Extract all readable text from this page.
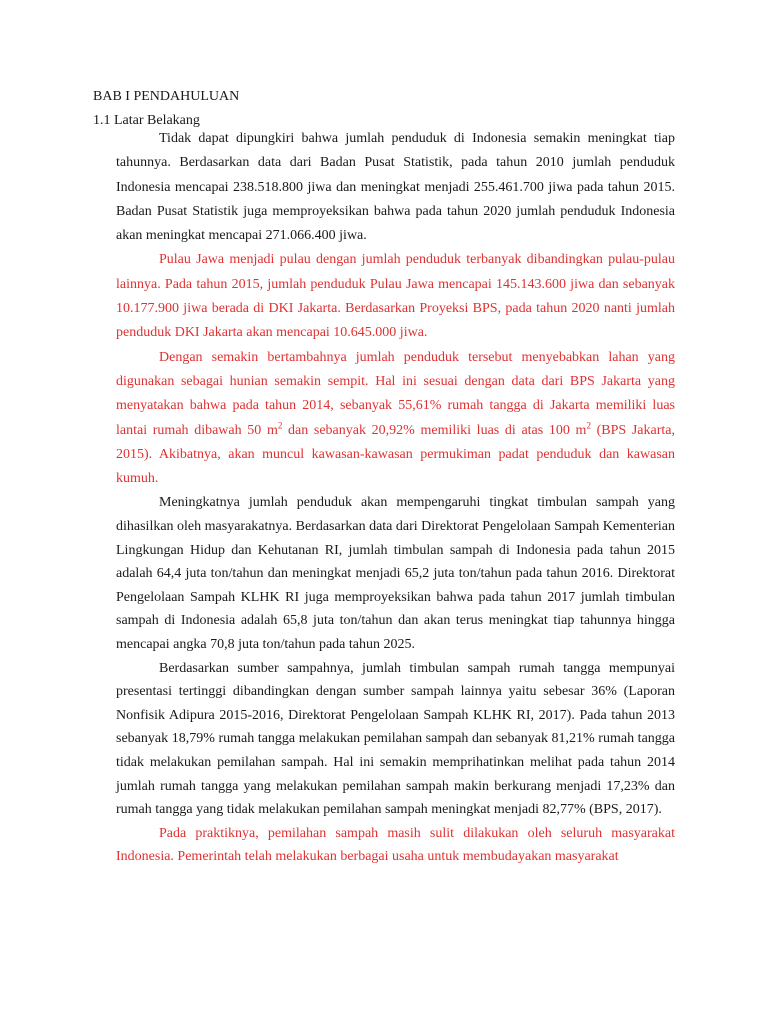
BAB I PENDAHULUAN
1.1 Latar Belakang

Tidak dapat dipungkiri bahwa jumlah penduduk di Indonesia semakin meningkat tiap tahunnya. Berdasarkan data dari Badan Pusat Statistik, pada tahun 2010 jumlah penduduk Indonesia mencapai 238.518.800 jiwa dan meningkat menjadi 255.461.700 jiwa pada tahun 2015. Badan Pusat Statistik juga memproyeksikan bahwa pada tahun 2020 jumlah penduduk Indonesia akan meningkat mencapai 271.066.400 jiwa.

Pulau Jawa menjadi pulau dengan jumlah penduduk terbanyak dibandingkan pulau-pulau lainnya. Pada tahun 2015, jumlah penduduk Pulau Jawa mencapai 145.143.600 jiwa dan sebanyak 10.177.900 jiwa berada di DKI Jakarta. Berdasarkan Proyeksi BPS, pada tahun 2020 nanti jumlah penduduk DKI Jakarta akan mencapai 10.645.000 jiwa.

Dengan semakin bertambahnya jumlah penduduk tersebut menyebabkan lahan yang digunakan sebagai hunian semakin sempit. Hal ini sesuai dengan data dari BPS Jakarta yang menyatakan bahwa pada tahun 2014, sebanyak 55,61% rumah tangga di Jakarta memiliki luas lantai rumah dibawah 50 $m^2$ dan sebanyak 20,92% memiliki luas di atas 100 $m^2$ (BPS Jakarta, 2015). Akibatnya, akan muncul kawasan-kawasan permukiman padat penduduk dan kawasan kumuh.

Meningkatnya jumlah penduduk akan mempengaruhi tingkat timbulan sampah yang dihasilkan oleh masyarakatnya. Berdasarkan data dari Direktorat Pengelolaan Sampah Kementerian Lingkungan Hidup dan Kehutanan RI, jumlah timbulan sampah di Indonesia pada tahun 2015 adalah 64,4 juta ton/tahun dan meningkat menjadi 65,2 juta ton/tahun pada tahun 2016. Direktorat Pengelolaan Sampah KLHK RI juga memproyeksikan bahwa pada tahun 2017 jumlah timbulan sampah di Indonesia adalah 65,8 juta ton/tahun dan akan terus meningkat tiap tahunnya hingga mencapai angka 70,8 juta ton/tahun pada tahun 2025.

Berdasarkan sumber sampahnya, jumlah timbulan sampah rumah tangga mempunyai presentasi tertinggi dibandingkan dengan sumber sampah lainnya yaitu sebesar 36% (Laporan Nonfisik Adipura 2015-2016, Direktorat Pengelolaan Sampah KLHK RI, 2017). Pada tahun 2013 sebanyak 18,79% rumah tangga melakukan pemilahan sampah dan sebanyak 81,21% rumah tangga tidak melakukan pemilahan sampah. Hal ini semakin memprihatinkan melihat pada tahun 2014 jumlah rumah tangga yang melakukan pemilahan sampah makin berkurang menjadi 17,23% dan rumah tangga yang tidak melakukan pemilahan sampah meningkat menjadi 82,77% (BPS, 2017).

Pada praktiknya, pemilahan sampah masih sulit dilakukan oleh seluruh masyarakat Indonesia. Pemerintah telah melakukan berbagai usaha untuk membudayakan masyarakat
